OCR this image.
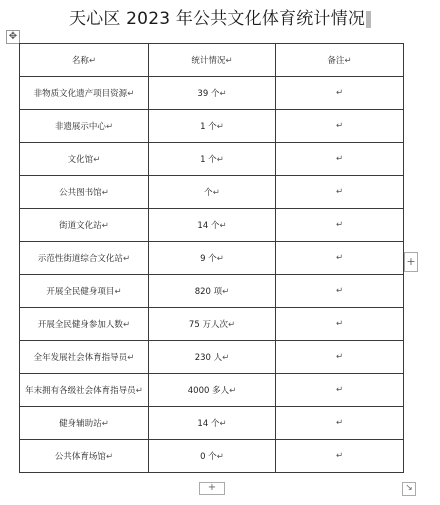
天心区 2023 年公共文化体育统计情况
✥
名称↵	统计情况↵	备注↵
非物质文化遗产项目资源↵	39 个↵	↵
非遗展示中心↵	1 个↵	↵
文化馆↵	1 个↵	↵
公共图书馆↵	个↵	↵
街道文化站↵	14 个↵	↵
示范性街道综合文化站↵	9 个↵	↵
开展全民健身项目↵	820 项↵	↵
开展全民健身参加人数↵	75 万人次↵	↵
全年发展社会体育指导员↵	230 人↵	↵
年末拥有各级社会体育指导员↵	4000 多人↵	↵
健身辅助站↵	14 个↵	↵
公共体育场馆↵	0 个↵	↵
+
+	↘
